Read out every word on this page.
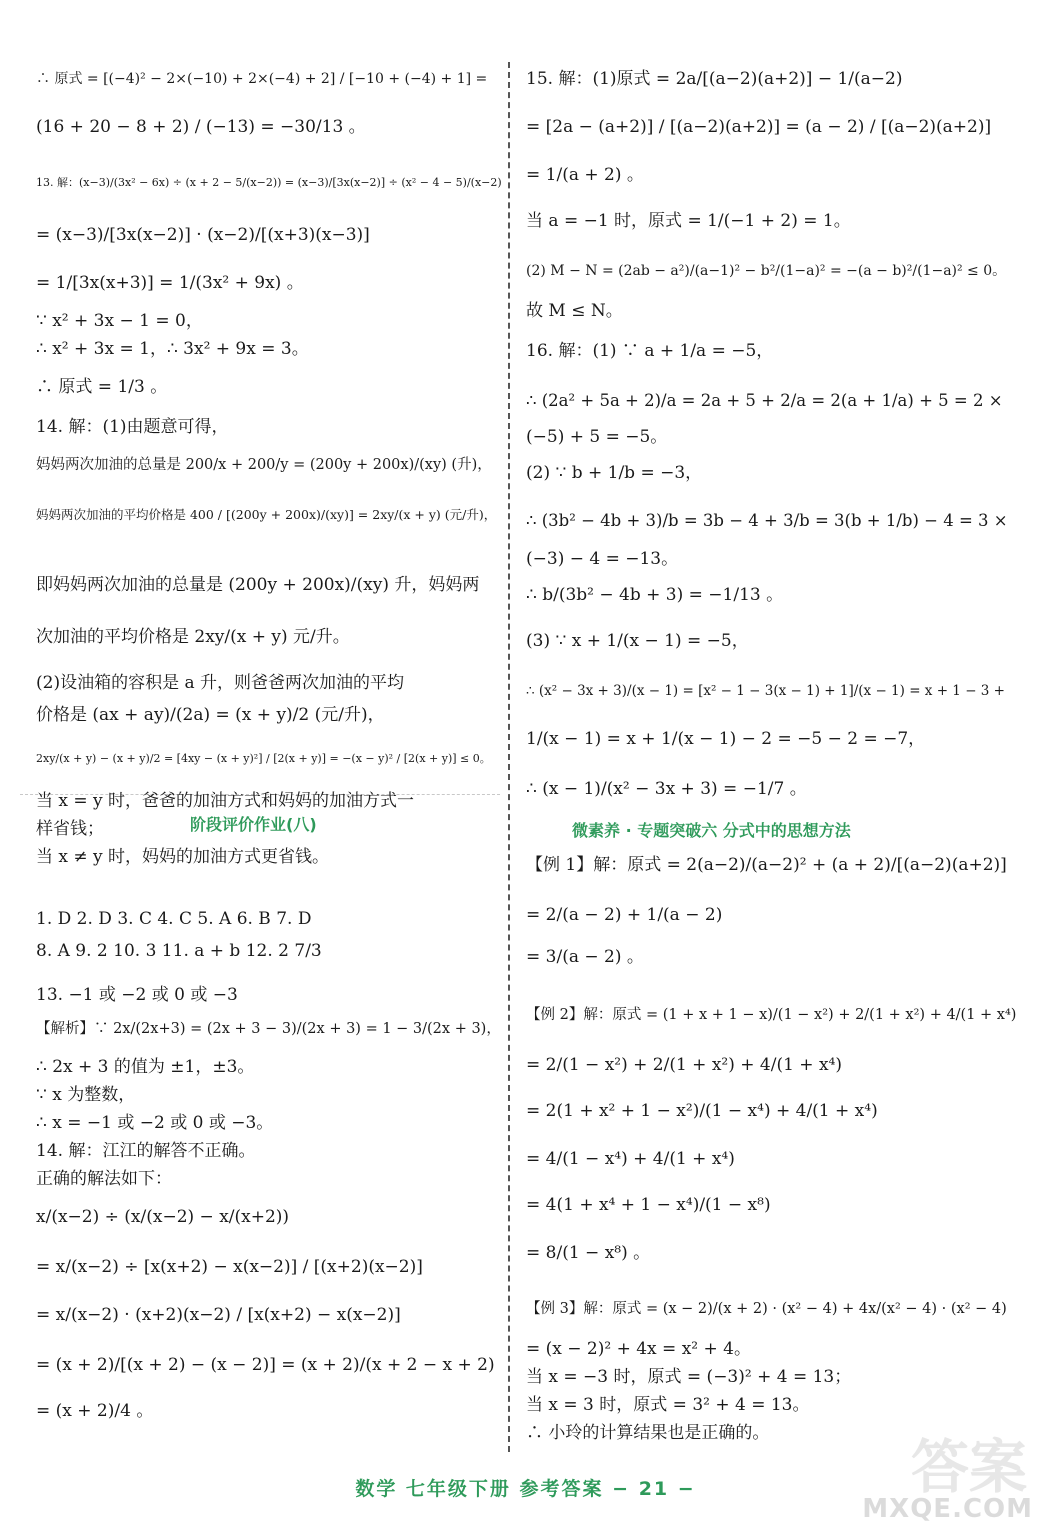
∴ 原式 = [(−4)² − 2×(−10) + 2×(−4) + 2] / [−10 + (−4) + 1] =
(16 + 20 − 8 + 2) / (−13) = −30/13 。
13. 解：(x−3)/(3x² − 6x) ÷ (x + 2 − 5/(x−2)) = (x−3)/[3x(x−2)] ÷ (x² − 4 − 5)/(x−2)
= (x−3)/[3x(x−2)] · (x−2)/[(x+3)(x−3)]
= 1/[3x(x+3)] = 1/(3x² + 9x) 。
∵ x² + 3x − 1 = 0，
∴ x² + 3x = 1，∴ 3x² + 9x = 3。
∴ 原式 = 1/3 。
14. 解：(1)由题意可得，
妈妈两次加油的总量是 200/x + 200/y = (200y + 200x)/(xy) (升)，
妈妈两次加油的平均价格是 400 / [(200y + 200x)/(xy)] = 2xy/(x + y) (元/升)，
即妈妈两次加油的总量是 (200y + 200x)/(xy) 升，妈妈两
次加油的平均价格是 2xy/(x + y) 元/升。
(2)设油箱的容积是 a 升，则爸爸两次加油的平均
价格是 (ax + ay)/(2a) = (x + y)/2 (元/升)，
2xy/(x + y) − (x + y)/2 = [4xy − (x + y)²] / [2(x + y)] = −(x − y)² / [2(x + y)] ≤ 0。
当 x = y 时，爸爸的加油方式和妈妈的加油方式一
样省钱；
当 x ≠ y 时，妈妈的加油方式更省钱。
1. D 2. D 3. C 4. C 5. A 6. B 7. D
8. A 9. 2 10. 3 11. a + b 12. 2 7/3
13. −1 或 −2 或 0 或 −3
【解析】∵ 2x/(2x+3) = (2x + 3 − 3)/(2x + 3) = 1 − 3/(2x + 3)，
∴ 2x + 3 的值为 ±1，±3。
∵ x 为整数，
∴ x = −1 或 −2 或 0 或 −3。
14. 解：江江的解答不正确。
正确的解法如下：
x/(x−2) ÷ (x/(x−2) − x/(x+2))
= x/(x−2) ÷ [x(x+2) − x(x−2)] / [(x+2)(x−2)]
= x/(x−2) · (x+2)(x−2) / [x(x+2) − x(x−2)]
= (x + 2)/[(x + 2) − (x − 2)] = (x + 2)/(x + 2 − x + 2)
= (x + 2)/4 。
阶段评价作业(八)
15. 解：(1)原式 = 2a/[(a−2)(a+2)] − 1/(a−2)
= [2a − (a+2)] / [(a−2)(a+2)] = (a − 2) / [(a−2)(a+2)]
= 1/(a + 2) 。
当 a = −1 时，原式 = 1/(−1 + 2) = 1。
(2) M − N = (2ab − a²)/(a−1)² − b²/(1−a)² = −(a − b)²/(1−a)² ≤ 0。
故 M ≤ N。
16. 解：(1) ∵ a + 1/a = −5，
∴ (2a² + 5a + 2)/a = 2a + 5 + 2/a = 2(a + 1/a) + 5 = 2 ×
(−5) + 5 = −5。
(2) ∵ b + 1/b = −3，
∴ (3b² − 4b + 3)/b = 3b − 4 + 3/b = 3(b + 1/b) − 4 = 3 ×
(−3) − 4 = −13。
∴ b/(3b² − 4b + 3) = −1/13 。
(3) ∵ x + 1/(x − 1) = −5，
∴ (x² − 3x + 3)/(x − 1) = [x² − 1 − 3(x − 1) + 1]/(x − 1) = x + 1 − 3 +
1/(x − 1) = x + 1/(x − 1) − 2 = −5 − 2 = −7，
∴ (x − 1)/(x² − 3x + 3) = −1/7 。
【例 1】解：原式 = 2(a−2)/(a−2)² + (a + 2)/[(a−2)(a+2)]
= 2/(a − 2) + 1/(a − 2)
= 3/(a − 2) 。
【例 2】解：原式 = (1 + x + 1 − x)/(1 − x²) + 2/(1 + x²) + 4/(1 + x⁴)
= 2/(1 − x²) + 2/(1 + x²) + 4/(1 + x⁴)
= 2(1 + x² + 1 − x²)/(1 − x⁴) + 4/(1 + x⁴)
= 4/(1 − x⁴) + 4/(1 + x⁴)
= 4(1 + x⁴ + 1 − x⁴)/(1 − x⁸)
= 8/(1 − x⁸) 。
【例 3】解：原式 = (x − 2)/(x + 2) · (x² − 4) + 4x/(x² − 4) · (x² − 4)
= (x − 2)² + 4x = x² + 4。
当 x = −3 时，原式 = (−3)² + 4 = 13；
当 x = 3 时，原式 = 3² + 4 = 13。
∴ 小玲的计算结果也是正确的。
微素养 · 专题突破六 分式中的思想方法
数学 七年级下册 参考答案 − 21 −	答案
MXQE.COM
